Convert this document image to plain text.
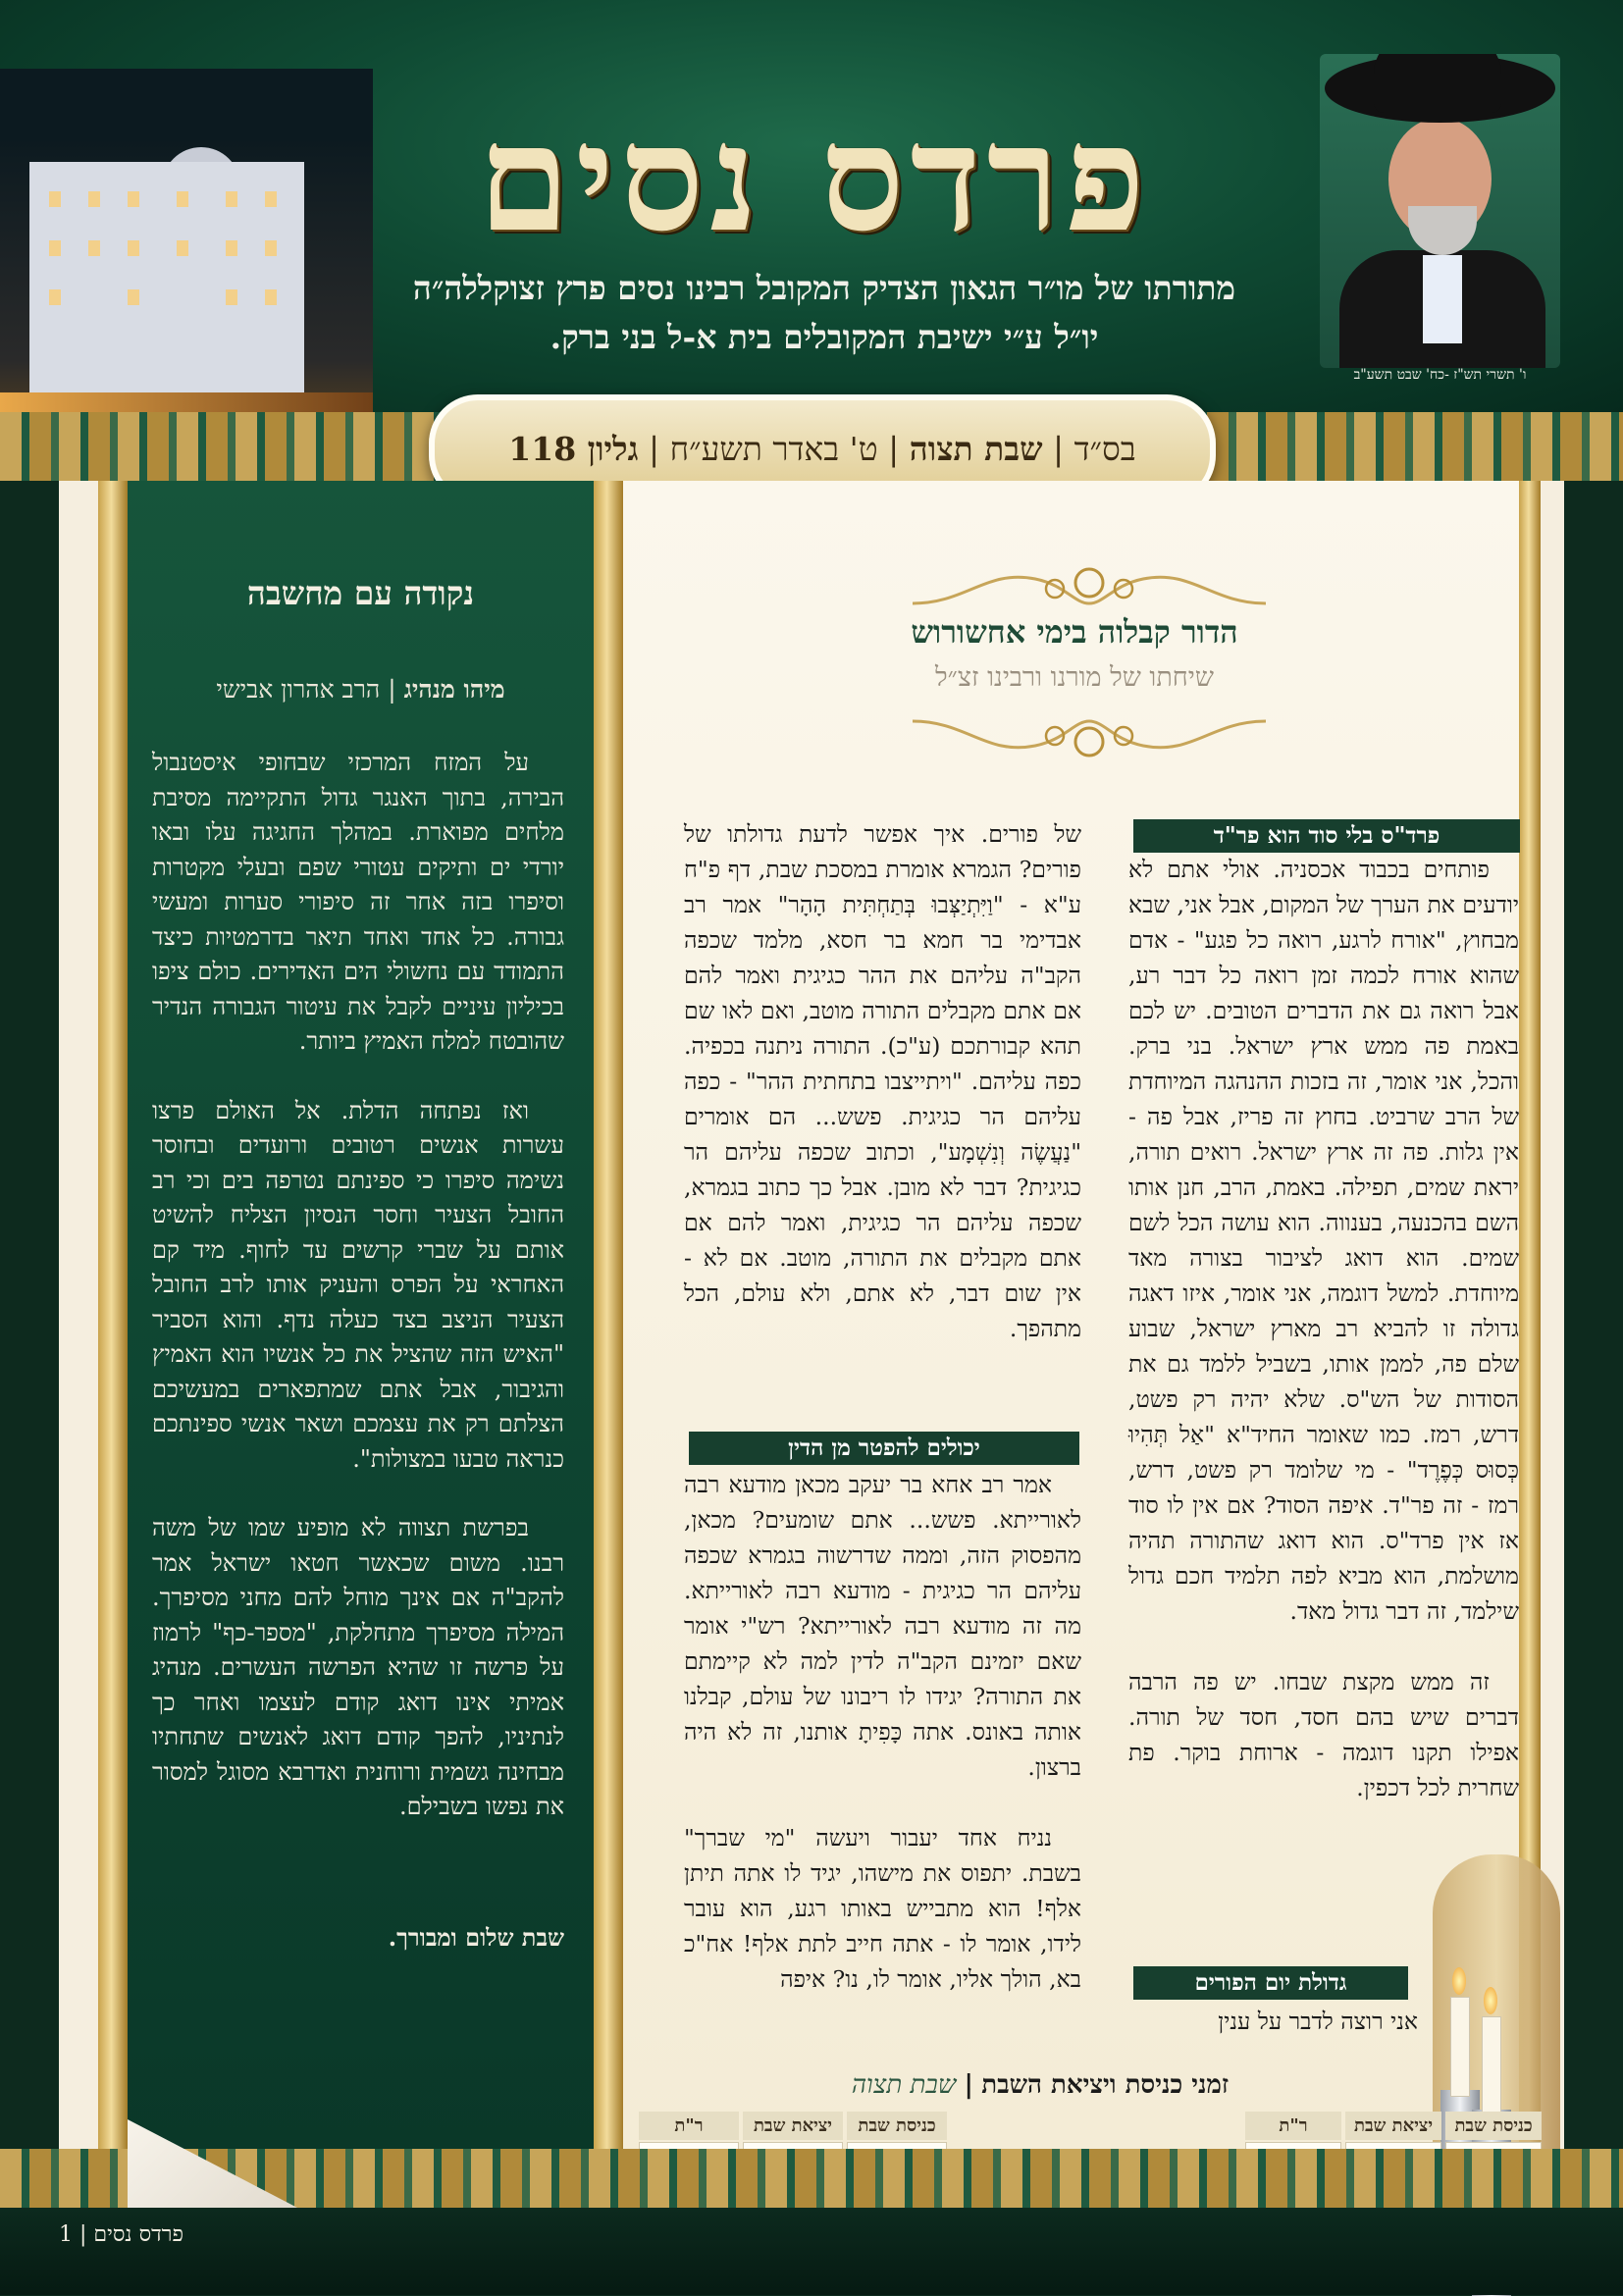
פרדס נסים
מתורתו של מו״ר הגאון הצדיק המקובל רבינו נסים פרץ זצוקללה״ה
יו״ל ע״י ישיבת המקובלים בית א-ל בני ברק.
ו' תשרי תש"ז -כח' שבט תשע"ב
בס״ד | שבת תצוה | ט' באדר תשע״ח | גליון 118
נקודה עם מחשבה
מיהו מנהיג | הרב אהרון אבישי

על המזח המרכזי שבחופי איסטנבול הבירה, בתוך האנגר גדול התקיימה מסיבת מלחים מפוארת. במהלך החגיגה עלו ובאו יורדי ים ותיקים עטורי שפם ובעלי מקטרות וסיפרו בזה אחר זה סיפורי סערות ומעשי גבורה. כל אחד ואחד תיאר בדרמטיות כיצד התמודד עם נחשולי הים האדירים. כולם ציפו בכיליון עיניים לקבל את עיטור הגבורה הנדיר שהובטח למלח האמיץ ביותר.

ואז נפתחה הדלת. אל האולם פרצו עשרות אנשים רטובים ורועדים ובחוסר נשימה סיפרו כי ספינתם נטרפה בים וכי רב החובל הצעיר וחסר הנסיון הצליח להשיט אותם על שברי קרשים עד לחוף. מיד קם האחראי על הפרס והעניק אותו לרב החובל הצעיר הניצב בצד כעלה נדף. והוא הסביר "האיש הזה שהציל את כל אנשיו הוא האמיץ והגיבור, אבל אתם שמתפארים במעשיכם הצלתם רק את עצמכם ושאר אנשי ספינתכם כנראה טבעו במצולות".

בפרשת תצווה לא מופיע שמו של משה רבנו. משום שכאשר חטאו ישראל אמר להקב"ה אם אינך מוחל להם מחני מסיפרך. המילה מסיפרך מתחלקת, "מספר-כף" לרמוז על פרשה זו שהיא הפרשה העשרים. מנהיג אמיתי אינו דואג קודם לעצמו ואחר כך לנתיניו, להפך קודם דואג לאנשים שתחתיו מבחינה גשמית ורוחנית ואדרבא מסוגל למסור את נפשו בשבילם.

שבת שלום ומבורך.
הדור קבלוה בימי אחשורוש
שיחתו של מורנו ורבינו זצ״ל
פרד"ס בלי סוד הוא פר"ד

פותחים בכבוד אכסניה. אולי אתם לא יודעים את הערך של המקום, אבל אני, שבא מבחוץ, "אורח לרגע, רואה כל פגע" - אדם שהוא אורח לכמה זמן רואה כל דבר רע, אבל רואה גם את הדברים הטובים. יש לכם באמת פה ממש ארץ ישראל. בני ברק. והכל, אני אומר, זה בזכות ההנהגה המיוחדת של הרב שרביט. בחוץ זה פריז, אבל פה - אין גלות. פה זה ארץ ישראל. רואים תורה, יראת שמים, תפילה. באמת, הרב, חנן אותו השם בהכנעה, בענווה. הוא עושה הכל לשם שמים. הוא דואג לציבור בצורה מאד מיוחדת. למשל דוגמה, אני אומר, איזו דאגה גדולה זו להביא רב מארץ ישראל, שבוע שלם פה, לממן אותו, בשביל ללמד גם את הסודות של הש"ס. שלא יהיה רק פשט, דרש, רמז. כמו שאומר החיד"א "אַל תְּהִיוּ כְּסוּס כְּפֶרֶד" - מי שלומד רק פשט, דרש, רמז - זה פר"ד. איפה הסוד? אם אין לו סוד אז אין פרד"ס. הוא דואג שהתורה תהיה מושלמת, הוא מביא לפה תלמיד חכם גדול שילמד, זה דבר גדול מאד.

זה ממש מקצת שבחו. יש פה הרבה דברים שיש בהם חסד, חסד של תורה. אפילו תקנו דוגמה - ארוחת בוקר. פת שחרית לכל דכפין.

גדולת יום הפורים
אני רוצה לדבר על ענין

של פורים. איך אפשר לדעת גדולתו של פורים? הגמרא אומרת במסכת שבת, דף פ"ח ע"א - "וַיִּתְיַצְּבוּ בְּתַחְתִּית הָהָר" אמר רב אבדימי בר חמא בר חסא, מלמד שכפה הקב"ה עליהם את ההר כגיגית ואמר להם אם אתם מקבלים התורה מוטב, ואם לאו שם תהא קבורתכם (ע"כ). התורה ניתנה בכפיה. כפה עליהם. "ויתייצבו בתחתית ההר" - כפה עליהם הר כגיגית. פשש... הם אומרים "נַעֲשֶׂה וְנִשְׁמָע", וכתוב שכפה עליהם הר כגיגית? דבר לא מובן. אבל כך כתוב בגמרא, שכפה עליהם הר כגיגית, ואמר להם אם אתם מקבלים את התורה, מוטב. אם לא - אין שום דבר, לא אתם, ולא עולם, הכל מתהפך.

יכולים להפטר מן הדין

אמר רב אחא בר יעקב מכאן מודעא רבה לאורייתא. פשש... אתם שומעים? מכאן, מהפסוק הזה, וממה שדרשוה בגמרא שכפה עליהם הר כגיגית - מודעא רבה לאורייתא. מה זה מודעא רבה לאורייתא? רש"י אומר שאם יזמינם הקב"ה לדין למה לא קיימתם את התורה? יגידו לו ריבונו של עולם, קבלנו אותה באונס. אתה כָּפִיתָ אותנו, זה לא היה ברצון.

נניח אחד יעבור ויעשה "מי שברך" בשבת. יתפוס את מישהו, יגיד לו אתה תיתן אלף! הוא מתבייש באותו רגע, הוא עובר לידו, אומר לו - אתה חייב לתת אלף! אח"כ בא, הולך אליו, אומר לו, נו? איפה

זמני כניסת ויציאת השבת | שבת תצוה
	כניסת שבת	יציאת שבת	ר"ת

	כניסת שבת	יציאת שבת	ר"ת

פרדס נסים | 1
